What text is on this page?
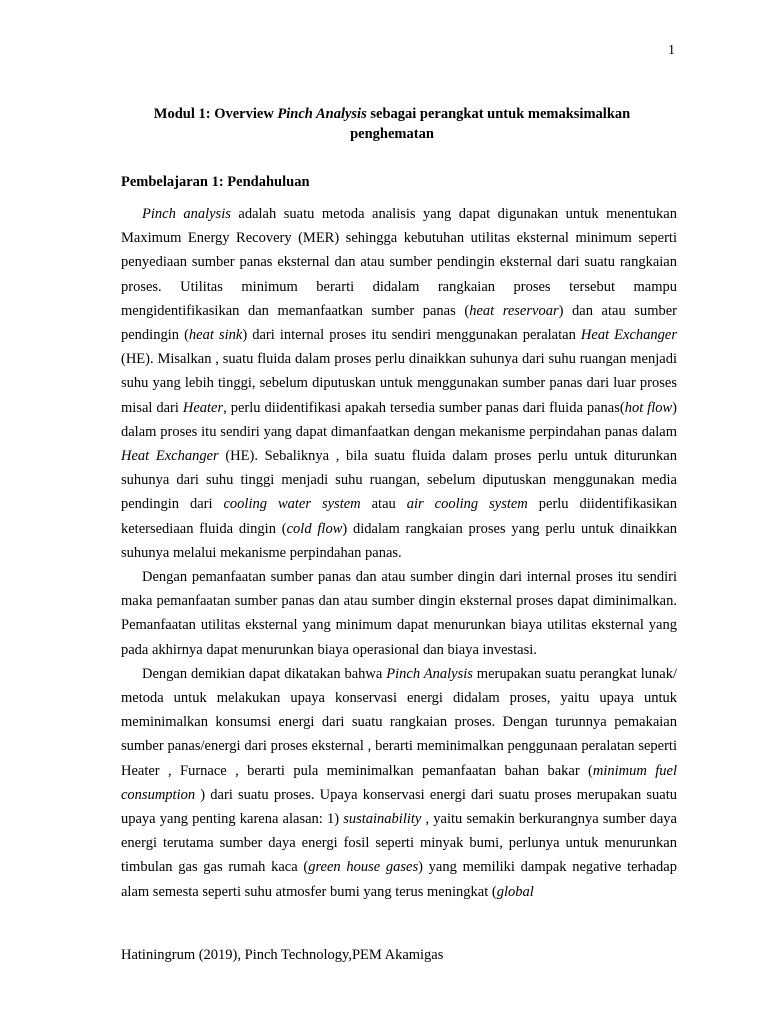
1
Modul 1: Overview Pinch Analysis sebagai perangkat untuk memaksimalkan penghematan
Pembelajaran 1: Pendahuluan

Pinch analysis adalah suatu metoda analisis yang dapat digunakan untuk menentukan Maximum Energy Recovery (MER) sehingga kebutuhan utilitas eksternal minimum seperti penyediaan sumber panas eksternal dan atau sumber pendingin eksternal dari suatu rangkaian proses. Utilitas minimum berarti didalam rangkaian proses tersebut mampu mengidentifikasikan dan memanfaatkan sumber panas (heat reservoar) dan atau sumber pendingin (heat sink) dari internal proses itu sendiri menggunakan peralatan Heat Exchanger (HE). Misalkan , suatu fluida dalam proses perlu dinaikkan suhunya dari suhu ruangan menjadi suhu yang lebih tinggi, sebelum diputuskan untuk menggunakan sumber panas dari luar proses misal dari Heater, perlu diidentifikasi apakah tersedia sumber panas dari fluida panas(hot flow) dalam proses itu sendiri yang dapat dimanfaatkan dengan mekanisme perpindahan panas dalam Heat Exchanger (HE). Sebaliknya , bila suatu fluida dalam proses perlu untuk diturunkan suhunya dari suhu tinggi menjadi suhu ruangan, sebelum diputuskan menggunakan media pendingin dari cooling water system atau air cooling system perlu diidentifikasikan ketersediaan fluida dingin (cold flow) didalam rangkaian proses yang perlu untuk dinaikkan suhunya melalui mekanisme perpindahan panas.

Dengan pemanfaatan sumber panas dan atau sumber dingin dari internal proses itu sendiri maka pemanfaatan sumber panas dan atau sumber dingin eksternal proses dapat diminimalkan. Pemanfaatan utilitas eksternal yang minimum dapat menurunkan biaya utilitas eksternal yang pada akhirnya dapat menurunkan biaya operasional dan biaya investasi.

Dengan demikian dapat dikatakan bahwa Pinch Analysis merupakan suatu perangkat lunak/ metoda untuk melakukan upaya konservasi energi didalam proses, yaitu upaya untuk meminimalkan konsumsi energi dari suatu rangkaian proses. Dengan turunnya pemakaian sumber panas/energi dari proses eksternal , berarti meminimalkan penggunaan peralatan seperti Heater , Furnace , berarti pula meminimalkan pemanfaatan bahan bakar (minimum fuel consumption ) dari suatu proses. Upaya konservasi energi dari suatu proses merupakan suatu upaya yang penting karena alasan: 1) sustainability , yaitu semakin berkurangnya sumber daya energi terutama sumber daya energi fosil seperti minyak bumi, perlunya untuk menurunkan timbulan gas gas rumah kaca (green house gases) yang memiliki dampak negative terhadap alam semesta seperti suhu atmosfer bumi yang terus meningkat (global

Hatiningrum (2019), Pinch Technology,PEM Akamigas
